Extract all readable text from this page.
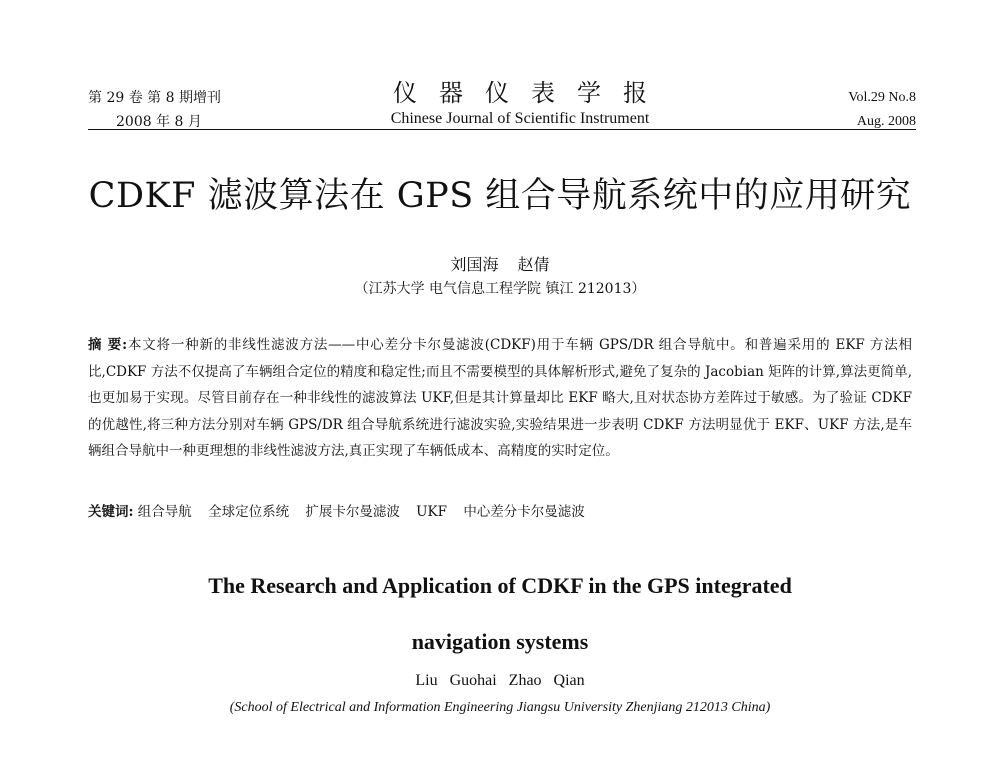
第 29 卷 第 8 期增刊
2008 年 8 月
仪器仪表学报
Chinese Journal of Scientific Instrument
Vol.29 No.8
Aug. 2008
CDKF 滤波算法在 GPS 组合导航系统中的应用研究
刘国海 赵倩
（江苏大学 电气信息工程学院 镇江 212013）
摘 要:本文将一种新的非线性滤波方法——中心差分卡尔曼滤波(CDKF)用于车辆 GPS/DR 组合导航中。和普遍采用的 EKF 方法相比,CDKF 方法不仅提高了车辆组合定位的精度和稳定性;而且不需要模型的具体解析形式,避免了复杂的 Jacobian 矩阵的计算,算法更简单,也更加易于实现。尽管目前存在一种非线性的滤波算法 UKF,但是其计算量却比 EKF 略大,且对状态协方差阵过于敏感。为了验证 CDKF 的优越性,将三种方法分别对车辆 GPS/DR 组合导航系统进行滤波实验,实验结果进一步表明 CDKF 方法明显优于 EKF、UKF 方法,是车辆组合导航中一种更理想的非线性滤波方法,真正实现了车辆低成本、高精度的实时定位。
关键词: 组合导航 全球定位系统 扩展卡尔曼滤波 UKF 中心差分卡尔曼滤波
The Research and Application of CDKF in the GPS integrated
navigation systems
Liu Guohai Zhao Qian
(School of Electrical and Information Engineering Jiangsu University Zhenjiang 212013 China)
